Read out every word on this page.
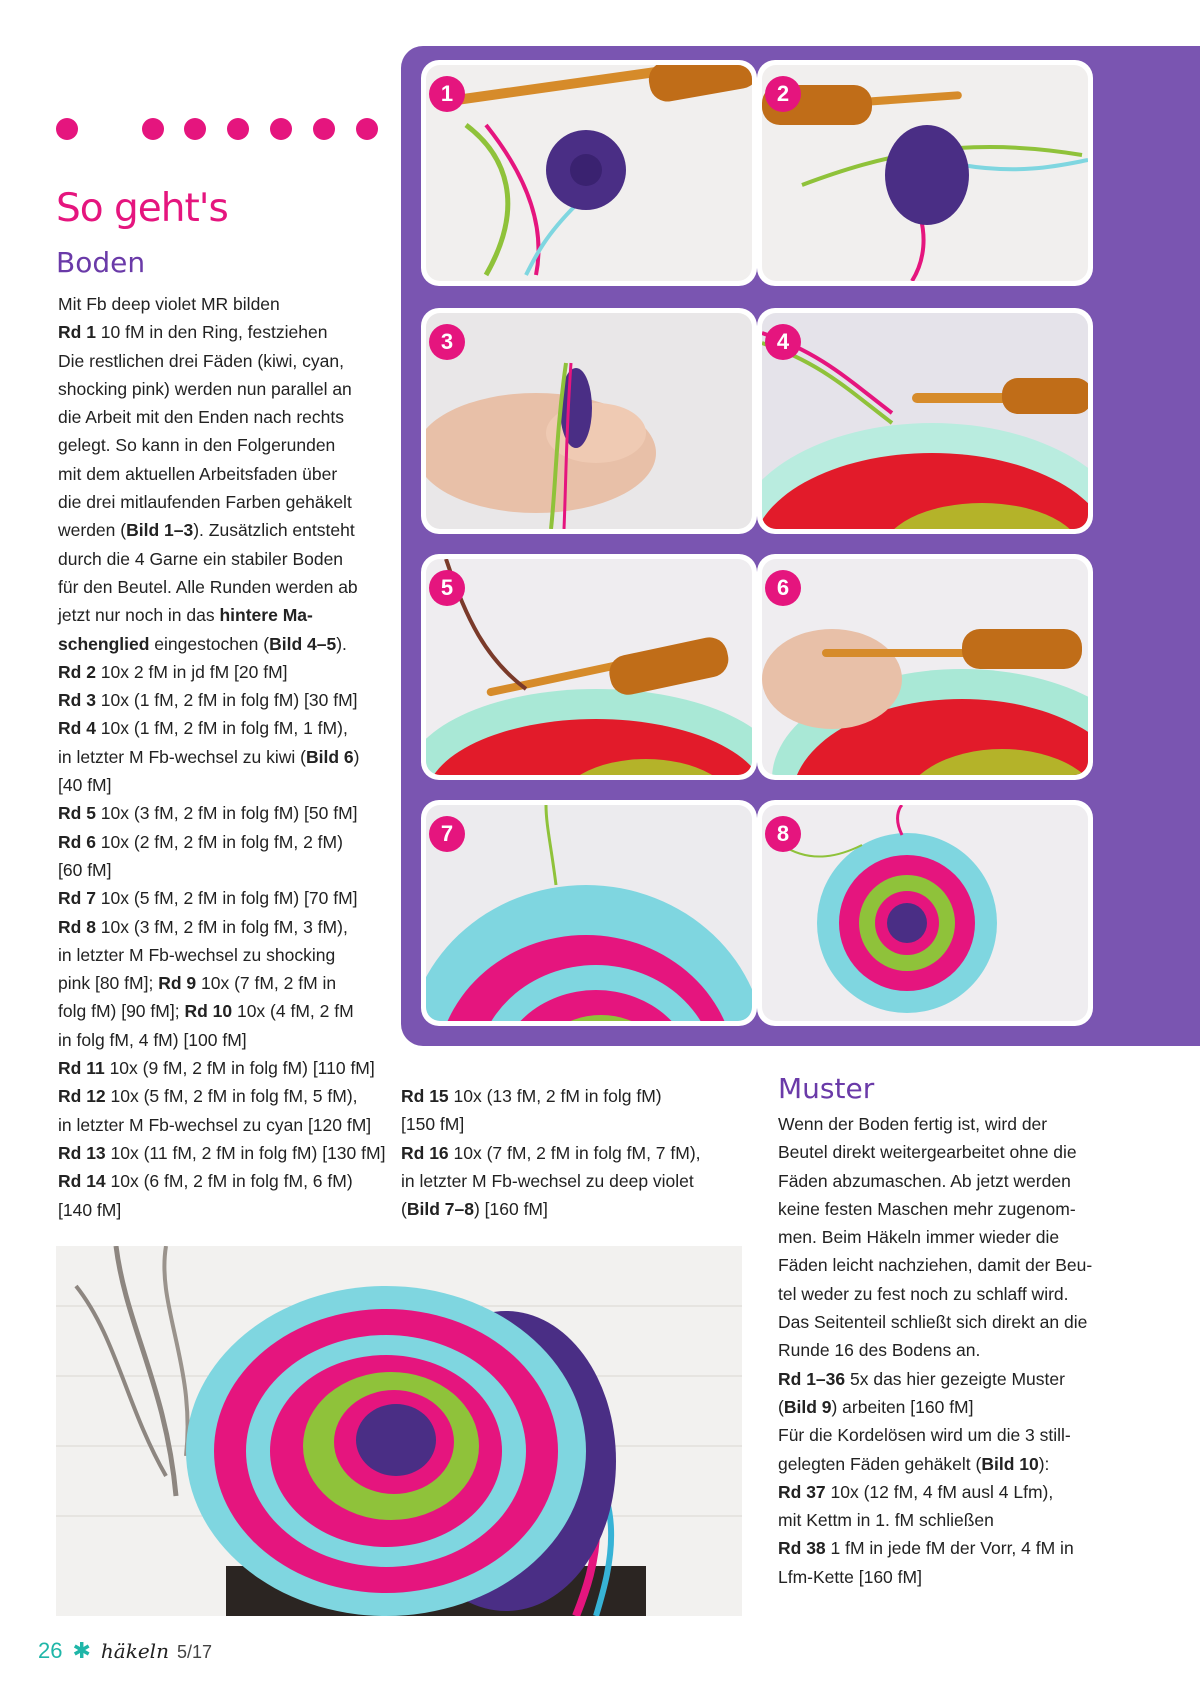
So geht's
Boden
Mit Fb deep violet MR bilden
Rd 1 10 fM in den Ring, festziehen
Die restlichen drei Fäden (kiwi, cyan,
shocking pink) werden nun parallel an
die Arbeit mit den Enden nach rechts
gelegt. So kann in den Folgerunden
mit dem aktuellen Arbeitsfaden über
die drei mitlaufenden Farben gehäkelt
werden (Bild 1–3). Zusätzlich entsteht
durch die 4 Garne ein stabiler Boden
für den Beutel. Alle Runden werden ab
jetzt nur noch in das hintere Ma-
schenglied eingestochen (Bild 4–5).
Rd 2 10x 2 fM in jd fM [20 fM]
Rd 3 10x (1 fM, 2 fM in folg fM) [30 fM]
Rd 4 10x (1 fM, 2 fM in folg fM, 1 fM),
in letzter M Fb-wechsel zu kiwi (Bild 6)
[40 fM]
Rd 5 10x (3 fM, 2 fM in folg fM) [50 fM]
Rd 6 10x (2 fM, 2 fM in folg fM, 2 fM)
[60 fM]
Rd 7 10x (5 fM, 2 fM in folg fM) [70 fM]
Rd 8 10x (3 fM, 2 fM in folg fM, 3 fM),
in letzter M Fb-wechsel zu shocking
pink [80 fM]; Rd 9 10x (7 fM, 2 fM in
folg fM) [90 fM]; Rd 10 10x (4 fM, 2 fM
in folg fM, 4 fM) [100 fM]
Rd 11 10x (9 fM, 2 fM in folg fM) [110 fM]
Rd 12 10x (5 fM, 2 fM in folg fM, 5 fM),
in letzter M Fb-wechsel zu cyan [120 fM]
Rd 13 10x (11 fM, 2 fM in folg fM) [130 fM]
Rd 14 10x (6 fM, 2 fM in folg fM, 6 fM)
[140 fM]
1	2
3	4
5	6
7	8
Rd 15 10x (13 fM, 2 fM in folg fM)
[150 fM]
Rd 16 10x (7 fM, 2 fM in folg fM, 7 fM),
in letzter M Fb-wechsel zu deep violet
(Bild 7–8) [160 fM]
Muster
Wenn der Boden fertig ist, wird der
Beutel direkt weitergearbeitet ohne die
Fäden abzumaschen. Ab jetzt werden
keine festen Maschen mehr zugenom-
men. Beim Häkeln immer wieder die
Fäden leicht nachziehen, damit der Beu-
tel weder zu fest noch zu schlaff wird.
Das Seitenteil schließt sich direkt an die
Runde 16 des Bodens an.
Rd 1–36 5x das hier gezeigte Muster
(Bild 9) arbeiten [160 fM]
Für die Kordelösen wird um die 3 still-
gelegten Fäden gehäkelt (Bild 10):
Rd 37 10x (12 fM, 4 fM ausl 4 Lfm),
mit Kettm in 1. fM schließen
Rd 38 1 fM in jede fM der Vorr, 4 fM in
Lfm-Kette [160 fM]
26 ✱ häkeln 5/17
